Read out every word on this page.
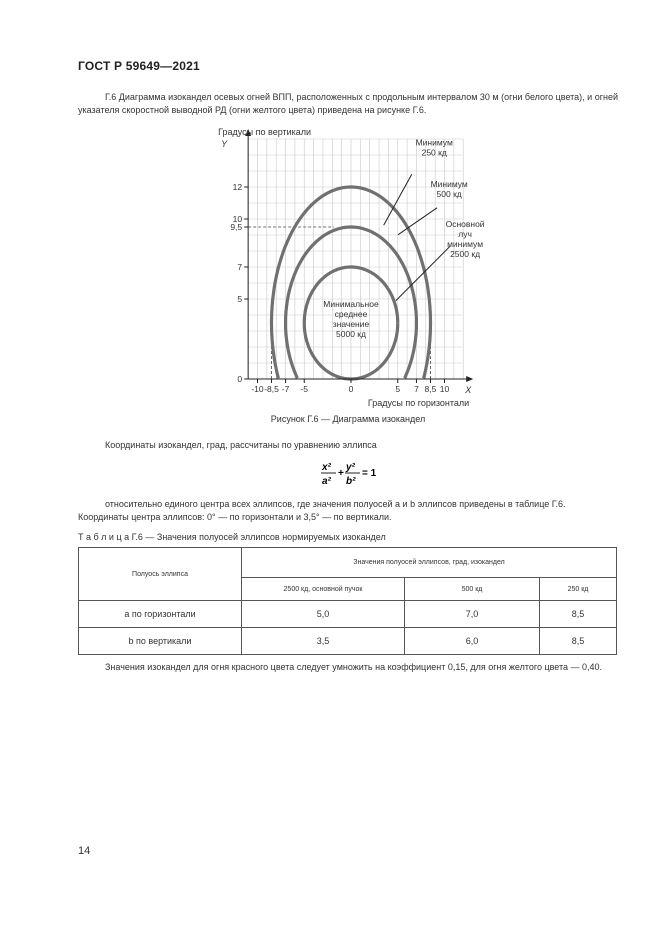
ГОСТ Р 59649—2021
Г.6 Диаграмма изокандел осевых огней ВПП, расположенных с продольным интервалом 30 м (огни белого цвета), и огней указателя скоростной выводной РД (огни желтого цвета) приведена на рисунке Г.6.
Градусы по вертикали
Y
X
Градусы по горизонтали
-10 -8,5 -7 -5	0	5 7 8,5 10
0
5
7
9,5
10
12
Минимум
250 кд
Минимум
500 кд
Основной
луч
минимум
2500 кд
Минимальное
среднее
значение
5000 кд
Рисунок Г.6 — Диаграмма изокандел
Координаты изокандел, град, рассчитаны по уравнению эллипса
x²
a²
+
y²
b²
= 1
относительно единого центра всех эллипсов, где значения полуосей a и b эллипсов приведены в таблице Г.6. Координаты центра эллипсов: 0° — по горизонтали и 3,5° — по вертикали.
Т а б л и ц а Г.6 — Значения полуосей эллипсов нормируемых изокандел
Полуось эллипса	Значения полуосей эллипсов, град, изокандел		
	2500 кд, основной пучок	500 кд	250 кд
a по горизонтали	5,0	7,0	8,5
b по вертикали	3,5	6,0	8,5
Значения изокандел для огня красного цвета следует умножить на коэффициент 0,15, для огня желтого цвета — 0,40.
14
